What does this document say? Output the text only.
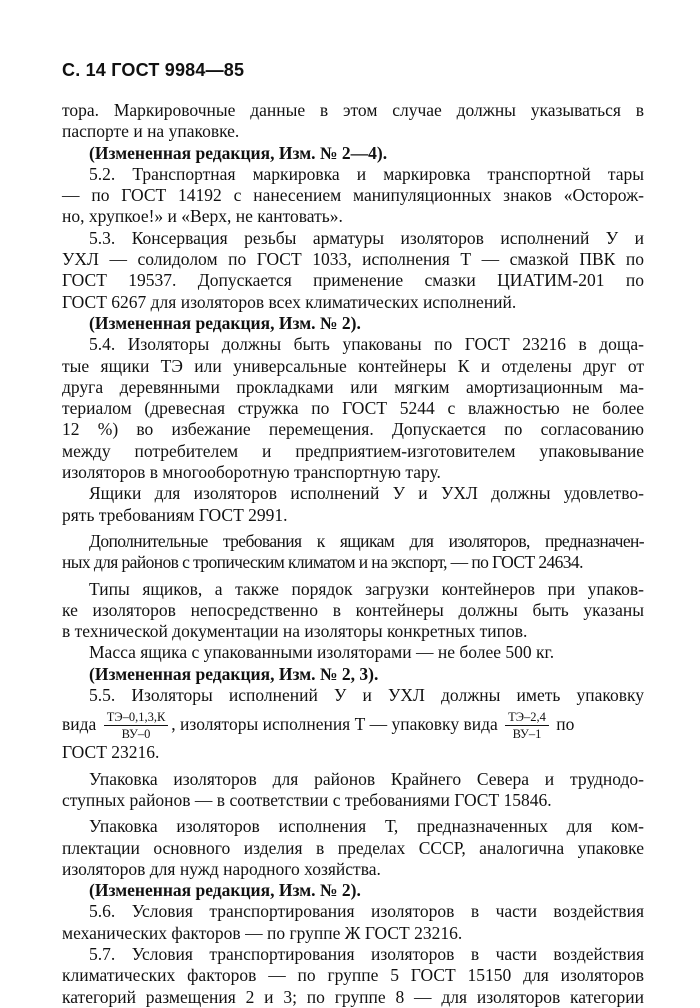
С. 14 ГОСТ 9984—85
тора. Маркировочные данные в этом случае должны указываться в
паспорте и на упаковке.
(Измененная редакция, Изм. № 2—4).
5.2. Транспортная маркировка и маркировка транспортной тары
— по ГОСТ 14192 с нанесением манипуляционных знаков «Осторож-
но, хрупкое!» и «Верх, не кантовать».
5.3. Консервация резьбы арматуры изоляторов исполнений У и
УХЛ — солидолом по ГОСТ 1033, исполнения Т — смазкой ПВК по
ГОСТ 19537. Допускается применение смазки ЦИАТИМ-201 по
ГОСТ 6267 для изоляторов всех климатических исполнений.
(Измененная редакция, Изм. № 2).
5.4. Изоляторы должны быть упакованы по ГОСТ 23216 в доща-
тые ящики ТЭ или универсальные контейнеры К и отделены друг от
друга деревянными прокладками или мягким амортизационным ма-
териалом (древесная стружка по ГОСТ 5244 с влажностью не более
12 %) во избежание перемещения. Допускается по согласованию
между потребителем и предприятием-изготовителем упаковывание
изоляторов в многооборотную транспортную тару.
Ящики для изоляторов исполнений У и УХЛ должны удовлетво-
рять требованиям ГОСТ 2991.
Дополнительные требования к ящикам для изоляторов, предназначен-
ных для районов с тропическим климатом и на экспорт, — по ГОСТ 24634.
Типы ящиков, а также порядок загрузки контейнеров при упаков-
ке изоляторов непосредственно в контейнеры должны быть указаны
в технической документации на изоляторы конкретных типов.
Масса ящика с упакованными изоляторами — не более 500 кг.
(Измененная редакция, Изм. № 2, 3).
5.5. Изоляторы исполнений У и УХЛ должны иметь упаковку
вида $\frac{ТЭ-0,1,3,К}{ВУ-0}$ , изоляторы исполнения Т — упаковку вида $\frac{ТЭ-2,4}{ВУ-1}$ по
ГОСТ 23216.
Упаковка изоляторов для районов Крайнего Севера и труднодо-
ступных районов — в соответствии с требованиями ГОСТ 15846.
Упаковка изоляторов исполнения Т, предназначенных для ком-
плектации основного изделия в пределах СССР, аналогична упаковке
изоляторов для нужд народного хозяйства.
(Измененная редакция, Изм. № 2).
5.6. Условия транспортирования изоляторов в части воздействия
механических факторов — по группе Ж ГОСТ 23216.
5.7. Условия транспортирования изоляторов в части воздействия
климатических факторов — по группе 5 ГОСТ 15150 для изоляторов
категорий размещения 2 и 3; по группе 8 — для изоляторов категории
